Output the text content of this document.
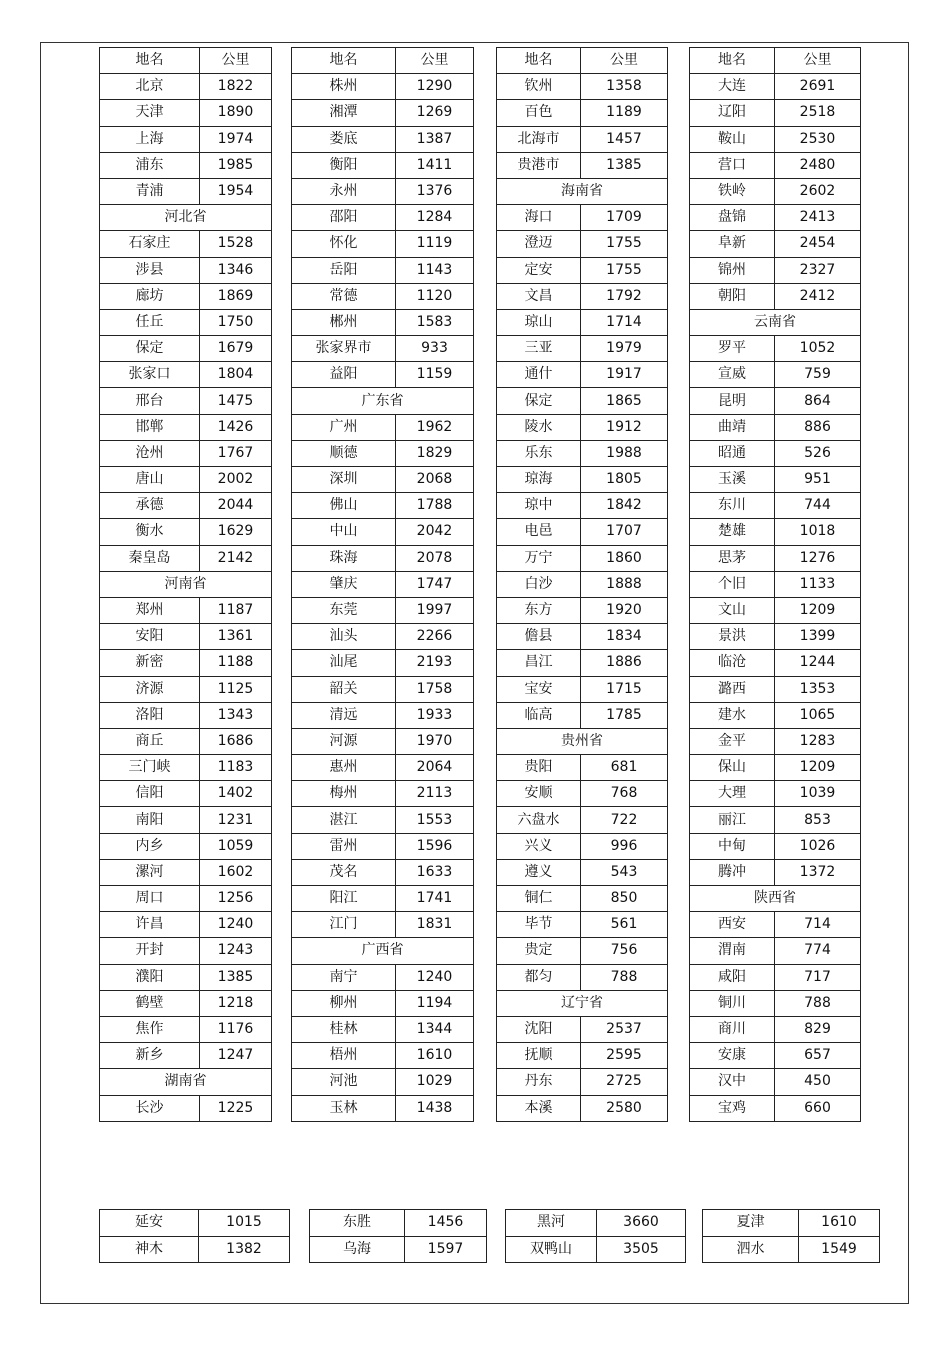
地名	公里
北京	1822
天津	1890
上海	1974
浦东	1985
青浦	1954
河北省	
石家庄	1528
涉县	1346
廊坊	1869
任丘	1750
保定	1679
张家口	1804
邢台	1475
邯郸	1426
沧州	1767
唐山	2002
承德	2044
衡水	1629
秦皇岛	2142
河南省	
郑州	1187
安阳	1361
新密	1188
济源	1125
洛阳	1343
商丘	1686
三门峡	1183
信阳	1402
南阳	1231
内乡	1059
漯河	1602
周口	1256
许昌	1240
开封	1243
濮阳	1385
鹤壁	1218
焦作	1176
新乡	1247
湖南省	
长沙	1225
地名	公里
株州	1290
湘潭	1269
娄底	1387
衡阳	1411
永州	1376
邵阳	1284
怀化	1119
岳阳	1143
常德	1120
郴州	1583
张家界市	933
益阳	1159
广东省	
广州	1962
顺德	1829
深圳	2068
佛山	1788
中山	2042
珠海	2078
肇庆	1747
东莞	1997
汕头	2266
汕尾	2193
韶关	1758
清远	1933
河源	1970
惠州	2064
梅州	2113
湛江	1553
雷州	1596
茂名	1633
阳江	1741
江门	1831
广西省	
南宁	1240
柳州	1194
桂林	1344
梧州	1610
河池	1029
玉林	1438
地名	公里
钦州	1358
百色	1189
北海市	1457
贵港市	1385
海南省	
海口	1709
澄迈	1755
定安	1755
文昌	1792
琼山	1714
三亚	1979
通什	1917
保定	1865
陵水	1912
乐东	1988
琼海	1805
琼中	1842
电邑	1707
万宁	1860
白沙	1888
东方	1920
儋县	1834
昌江	1886
宝安	1715
临高	1785
贵州省	
贵阳	681
安顺	768
六盘水	722
兴义	996
遵义	543
铜仁	850
毕节	561
贵定	756
都匀	788
辽宁省	
沈阳	2537
抚顺	2595
丹东	2725
本溪	2580
地名	公里
大连	2691
辽阳	2518
鞍山	2530
营口	2480
铁岭	2602
盘锦	2413
阜新	2454
锦州	2327
朝阳	2412
云南省	
罗平	1052
宣威	759
昆明	864
曲靖	886
昭通	526
玉溪	951
东川	744
楚雄	1018
思茅	1276
个旧	1133
文山	1209
景洪	1399
临沧	1244
潞西	1353
建水	1065
金平	1283
保山	1209
大理	1039
丽江	853
中甸	1026
腾冲	1372
陕西省	
西安	714
渭南	774
咸阳	717
铜川	788
商川	829
安康	657
汉中	450
宝鸡	660
延安	1015
神木	1382
东胜	1456
乌海	1597
黑河	3660
双鸭山	3505
夏津	1610
泗水	1549
